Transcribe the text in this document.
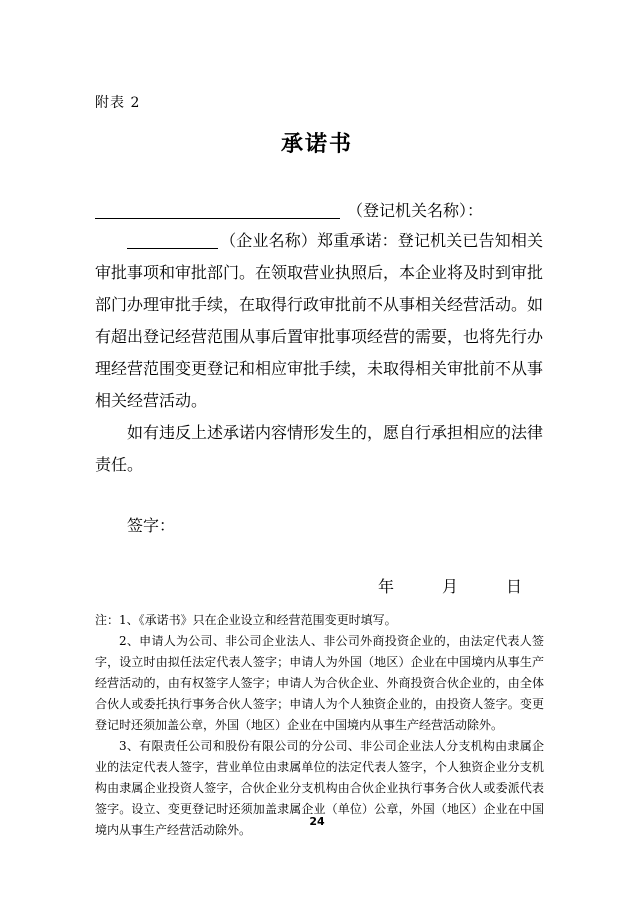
附表 2
承诺书
（登记机关名称）：

（企业名称）郑重承诺：登记机关已告知相关审批事项和审批部门。在领取营业执照后，本企业将及时到审批部门办理审批手续，在取得行政审批前不从事相关经营活动。如有超出登记经营范围从事后置审批事项经营的需要，也将先行办理经营范围变更登记和相应审批手续，未取得相关审批前不从事相关经营活动。

如有违反上述承诺内容情形发生的，愿自行承担相应的法律责任。

签字：
年	月	日

注：1、《承诺书》只在企业设立和经营范围变更时填写。

2、申请人为公司、非公司企业法人、非公司外商投资企业的，由法定代表人签字，设立时由拟任法定代表人签字；申请人为外国（地区）企业在中国境内从事生产经营活动的，由有权签字人签字；申请人为合伙企业、外商投资合伙企业的，由全体合伙人或委托执行事务合伙人签字；申请人为个人独资企业的，由投资人签字。变更登记时还须加盖公章，外国（地区）企业在中国境内从事生产经营活动除外。

3、有限责任公司和股份有限公司的分公司、非公司企业法人分支机构由隶属企业的法定代表人签字，营业单位由隶属单位的法定代表人签字，个人独资企业分支机构由隶属企业投资人签字，合伙企业分支机构由合伙企业执行事务合伙人或委派代表签字。设立、变更登记时还须加盖隶属企业（单位）公章，外国（地区）企业在中国境内从事生产经营活动除外。

24
